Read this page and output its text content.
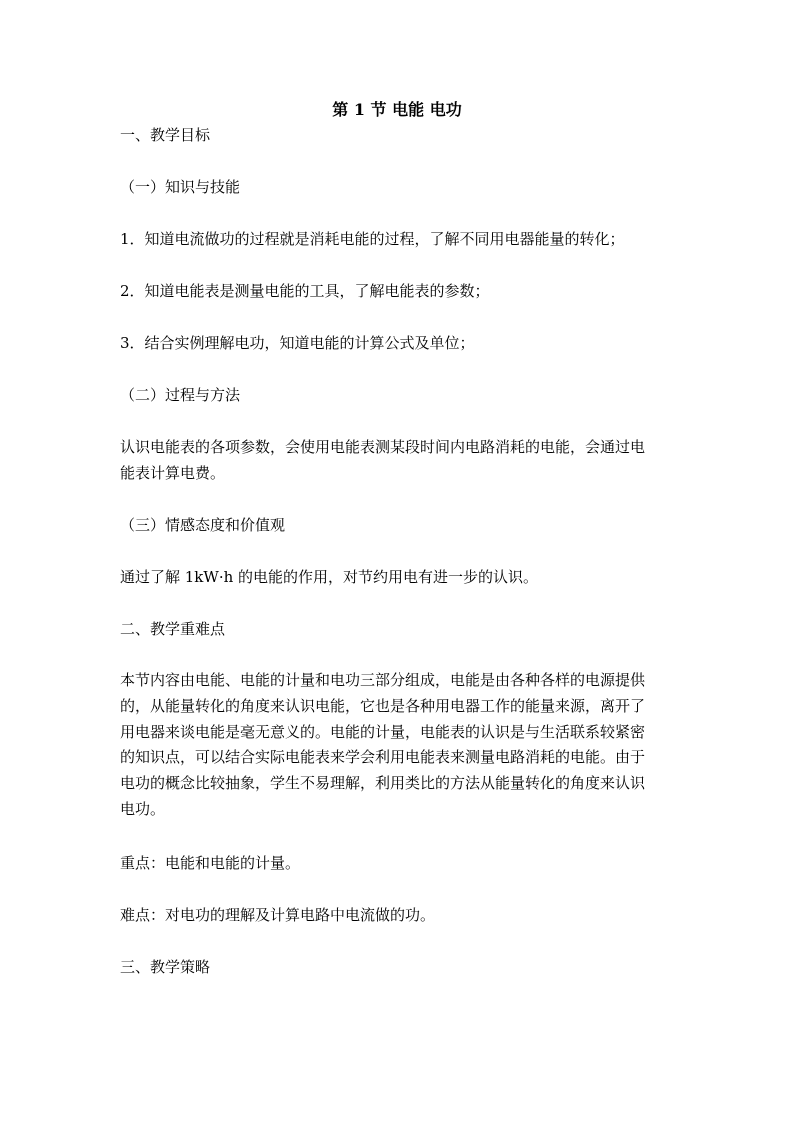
第 1 节 电能 电功
一、教学目标
（一）知识与技能
1．知道电流做功的过程就是消耗电能的过程，了解不同用电器能量的转化；
2．知道电能表是测量电能的工具，了解电能表的参数；
3．结合实例理解电功，知道电能的计算公式及单位；
（二）过程与方法
认识电能表的各项参数，会使用电能表测某段时间内电路消耗的电能，会通过电
能表计算电费。
（三）情感态度和价值观
通过了解 1kW·h 的电能的作用，对节约用电有进一步的认识。
二、教学重难点
本节内容由电能、电能的计量和电功三部分组成，电能是由各种各样的电源提供
的，从能量转化的角度来认识电能，它也是各种用电器工作的能量来源，离开了
用电器来谈电能是毫无意义的。电能的计量，电能表的认识是与生活联系较紧密
的知识点，可以结合实际电能表来学会利用电能表来测量电路消耗的电能。由于
电功的概念比较抽象，学生不易理解，利用类比的方法从能量转化的角度来认识
电功。
重点：电能和电能的计量。
难点：对电功的理解及计算电路中电流做的功。
三、教学策略
